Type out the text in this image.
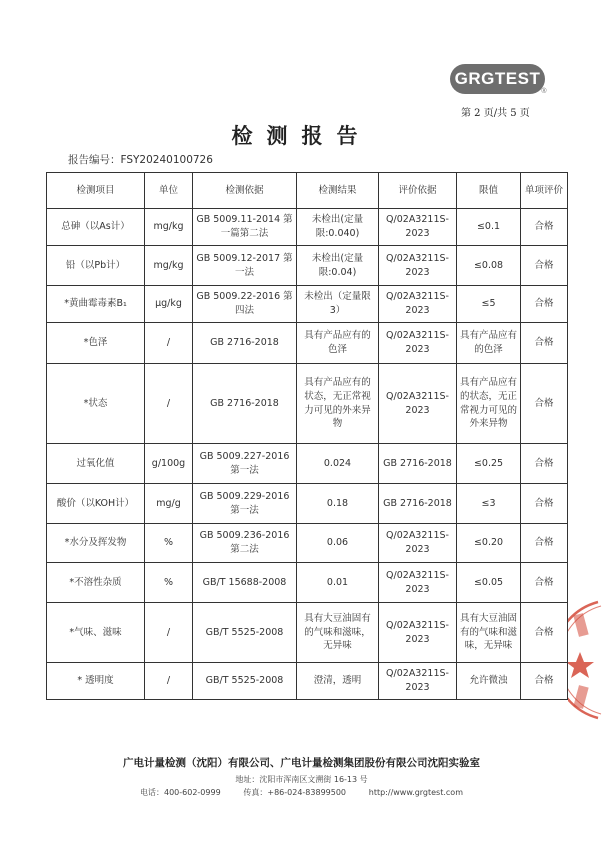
GRGTEST
®
第 2 页/共 5 页
检测报告
报告编号：FSY20240100726
检测项目	单位	检测依据	检测结果	评价依据	限值	单项评价
总砷（以As计）	mg/kg	GB 5009.11-2014 第一篇第二法	未检出(定量限:0.040)	Q/02A3211S-2023	≤0.1	合格
铅（以Pb计）	mg/kg	GB 5009.12-2017 第一法	未检出(定量限:0.04)	Q/02A3211S-2023	≤0.08	合格
*黄曲霉毒素B₁	μg/kg	GB 5009.22-2016 第四法	未检出（定量限3）	Q/02A3211S-2023	≤5	合格
*色泽	/	GB 2716-2018	具有产品应有的色泽	Q/02A3211S-2023	具有产品应有的色泽	合格
*状态	/	GB 2716-2018	具有产品应有的状态，无正常视力可见的外来异物	Q/02A3211S-2023	具有产品应有的状态，无正常视力可见的外来异物	合格
过氧化值	g/100g	GB 5009.227-2016 第一法	0.024	GB 2716-2018	≤0.25	合格
酸价（以KOH计）	mg/g	GB 5009.229-2016 第一法	0.18	GB 2716-2018	≤3	合格
*水分及挥发物	%	GB 5009.236-2016 第二法	0.06	Q/02A3211S-2023	≤0.20	合格
*不溶性杂质	%	GB/T 15688-2008	0.01	Q/02A3211S-2023	≤0.05	合格
*气味、滋味	/	GB/T 5525-2008	具有大豆油固有的气味和滋味，无异味	Q/02A3211S-2023	具有大豆油固有的气味和滋味，无异味	合格
* 透明度	/	GB/T 5525-2008	澄清，透明	Q/02A3211S-2023	允许微浊	合格
广电计量检测（沈阳）有限公司、广电计量检测集团股份有限公司沈阳实验室
地址：沈阳市浑南区文溯街 16-13 号
电话：400-602-0999	传真：+86-024-83899500	http://www.grgtest.com
